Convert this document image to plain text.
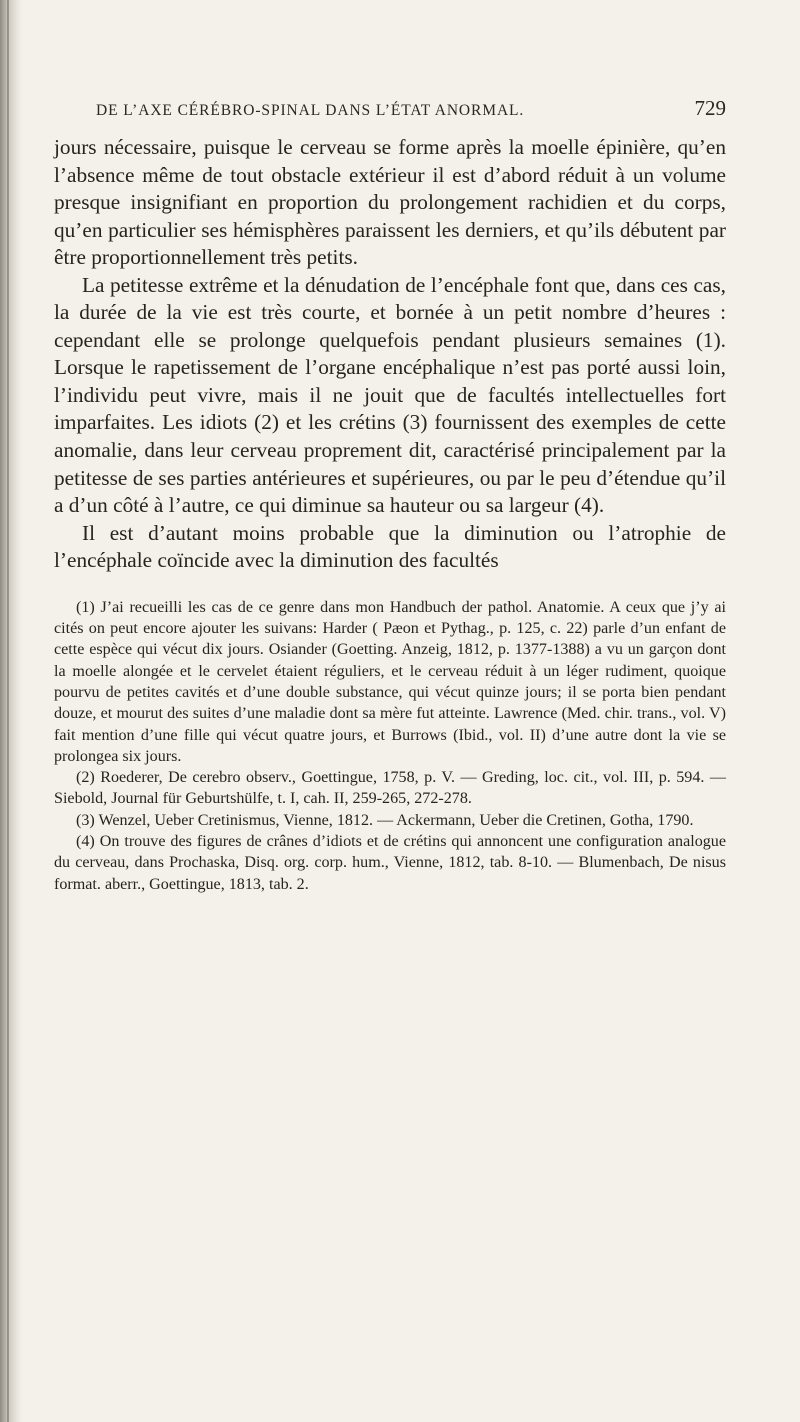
DE L’AXE CÉRÉBRO-SPINAL DANS L’ÉTAT ANORMAL.	729

jours nécessaire, puisque le cerveau se forme après la moelle épinière, qu’en l’absence même de tout obstacle extérieur il est d’abord réduit à un volume presque insignifiant en proportion du prolongement rachidien et du corps, qu’en particulier ses hémisphères paraissent les derniers, et qu’ils débutent par être proportionnellement très petits.

La petitesse extrême et la dénudation de l’encéphale font que, dans ces cas, la durée de la vie est très courte, et bornée à un petit nombre d’heures : cependant elle se prolonge quelquefois pendant plusieurs semaines (1). Lorsque le rapetissement de l’organe encéphalique n’est pas porté aussi loin, l’individu peut vivre, mais il ne jouit que de facultés intellectuelles fort imparfaites. Les idiots (2) et les crétins (3) fournissent des exemples de cette anomalie, dans leur cerveau proprement dit, caractérisé principalement par la petitesse de ses parties antérieures et supérieures, ou par le peu d’étendue qu’il a d’un côté à l’autre, ce qui diminue sa hauteur ou sa largeur (4).

Il est d’autant moins probable que la diminution ou l’atrophie de l’encéphale coïncide avec la diminution des facultés

(1) J’ai recueilli les cas de ce genre dans mon Handbuch der pathol. Anatomie. A ceux que j’y ai cités on peut encore ajouter les suivans: Harder ( Pæon et Pythag., p. 125, c. 22) parle d’un enfant de cette espèce qui vécut dix jours. Osiander (Goetting. Anzeig, 1812, p. 1377-1388) a vu un garçon dont la moelle alongée et le cervelet étaient réguliers, et le cerveau réduit à un léger rudiment, quoique pourvu de petites cavités et d’une double substance, qui vécut quinze jours; il se porta bien pendant douze, et mourut des suites d’une maladie dont sa mère fut atteinte. Lawrence (Med. chir. trans., vol. V) fait mention d’une fille qui vécut quatre jours, et Burrows (Ibid., vol. II) d’une autre dont la vie se prolongea six jours.

(2) Roederer, De cerebro observ., Goettingue, 1758, p. V. — Greding, loc. cit., vol. III, p. 594. — Siebold, Journal für Geburtshülfe, t. I, cah. II, 259-265, 272-278.

(3) Wenzel, Ueber Cretinismus, Vienne, 1812. — Ackermann, Ueber die Cretinen, Gotha, 1790.

(4) On trouve des figures de crânes d’idiots et de crétins qui annoncent une configuration analogue du cerveau, dans Prochaska, Disq. org. corp. hum., Vienne, 1812, tab. 8-10. — Blumenbach, De nisus format. aberr., Goettingue, 1813, tab. 2.
